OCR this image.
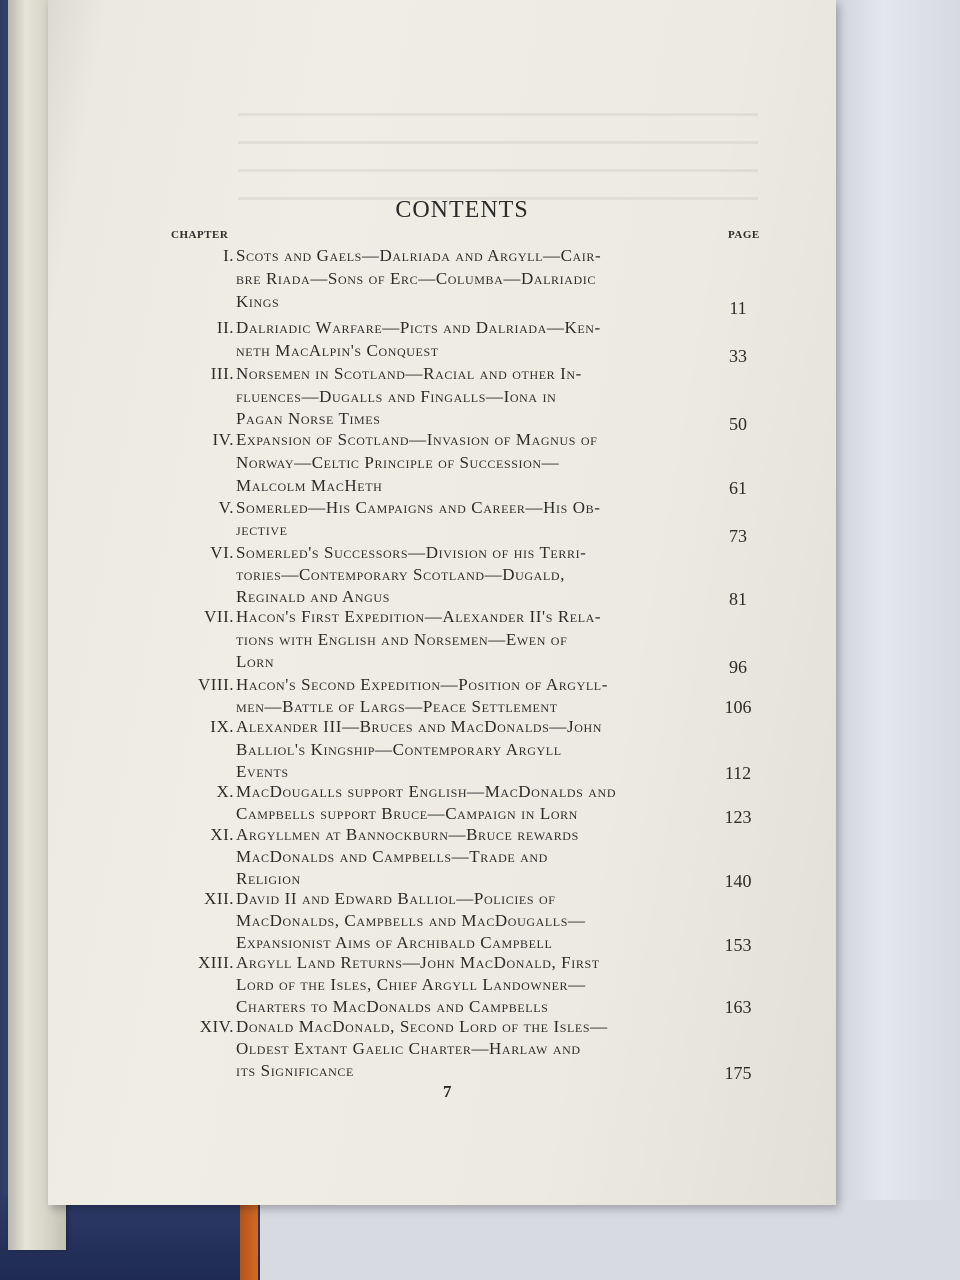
CONTENTS
CHAPTER	PAGE
I. Scots and Gaels—Dalriada and Argyll—Cair-
bre Riada—Sons of Erc—Columba—Dalriadic
Kings	11
II. Dalriadic Warfare—Picts and Dalriada—Ken-
neth MacAlpin's Conquest	33
III. Norsemen in Scotland—Racial and other In-
fluences—Dugalls and Fingalls—Iona in
Pagan Norse Times	50
IV. Expansion of Scotland—Invasion of Magnus of
Norway—Celtic Principle of Succession—
Malcolm MacHeth	61
V. Somerled—His Campaigns and Career—His Ob-
jective	73
VI. Somerled's Successors—Division of his Terri-
tories—Contemporary Scotland—Dugald,
Reginald and Angus	81
VII. Hacon's First Expedition—Alexander II's Rela-
tions with English and Norsemen—Ewen of
Lorn	96
VIII. Hacon's Second Expedition—Position of Argyll-
men—Battle of Largs—Peace Settlement	106
IX. Alexander III—Bruces and MacDonalds—John
Balliol's Kingship—Contemporary Argyll
Events	112
X. MacDougalls support English—MacDonalds and
Campbells support Bruce—Campaign in Lorn	123
XI. Argyllmen at Bannockburn—Bruce rewards
MacDonalds and Campbells—Trade and
Religion	140
XII. David II and Edward Balliol—Policies of
MacDonalds, Campbells and MacDougalls—
Expansionist Aims of Archibald Campbell	153
XIII. Argyll Land Returns—John MacDonald, First
Lord of the Isles, Chief Argyll Landowner—
Charters to MacDonalds and Campbells	163
XIV. Donald MacDonald, Second Lord of the Isles—
Oldest Extant Gaelic Charter—Harlaw and
its Significance	175
7
